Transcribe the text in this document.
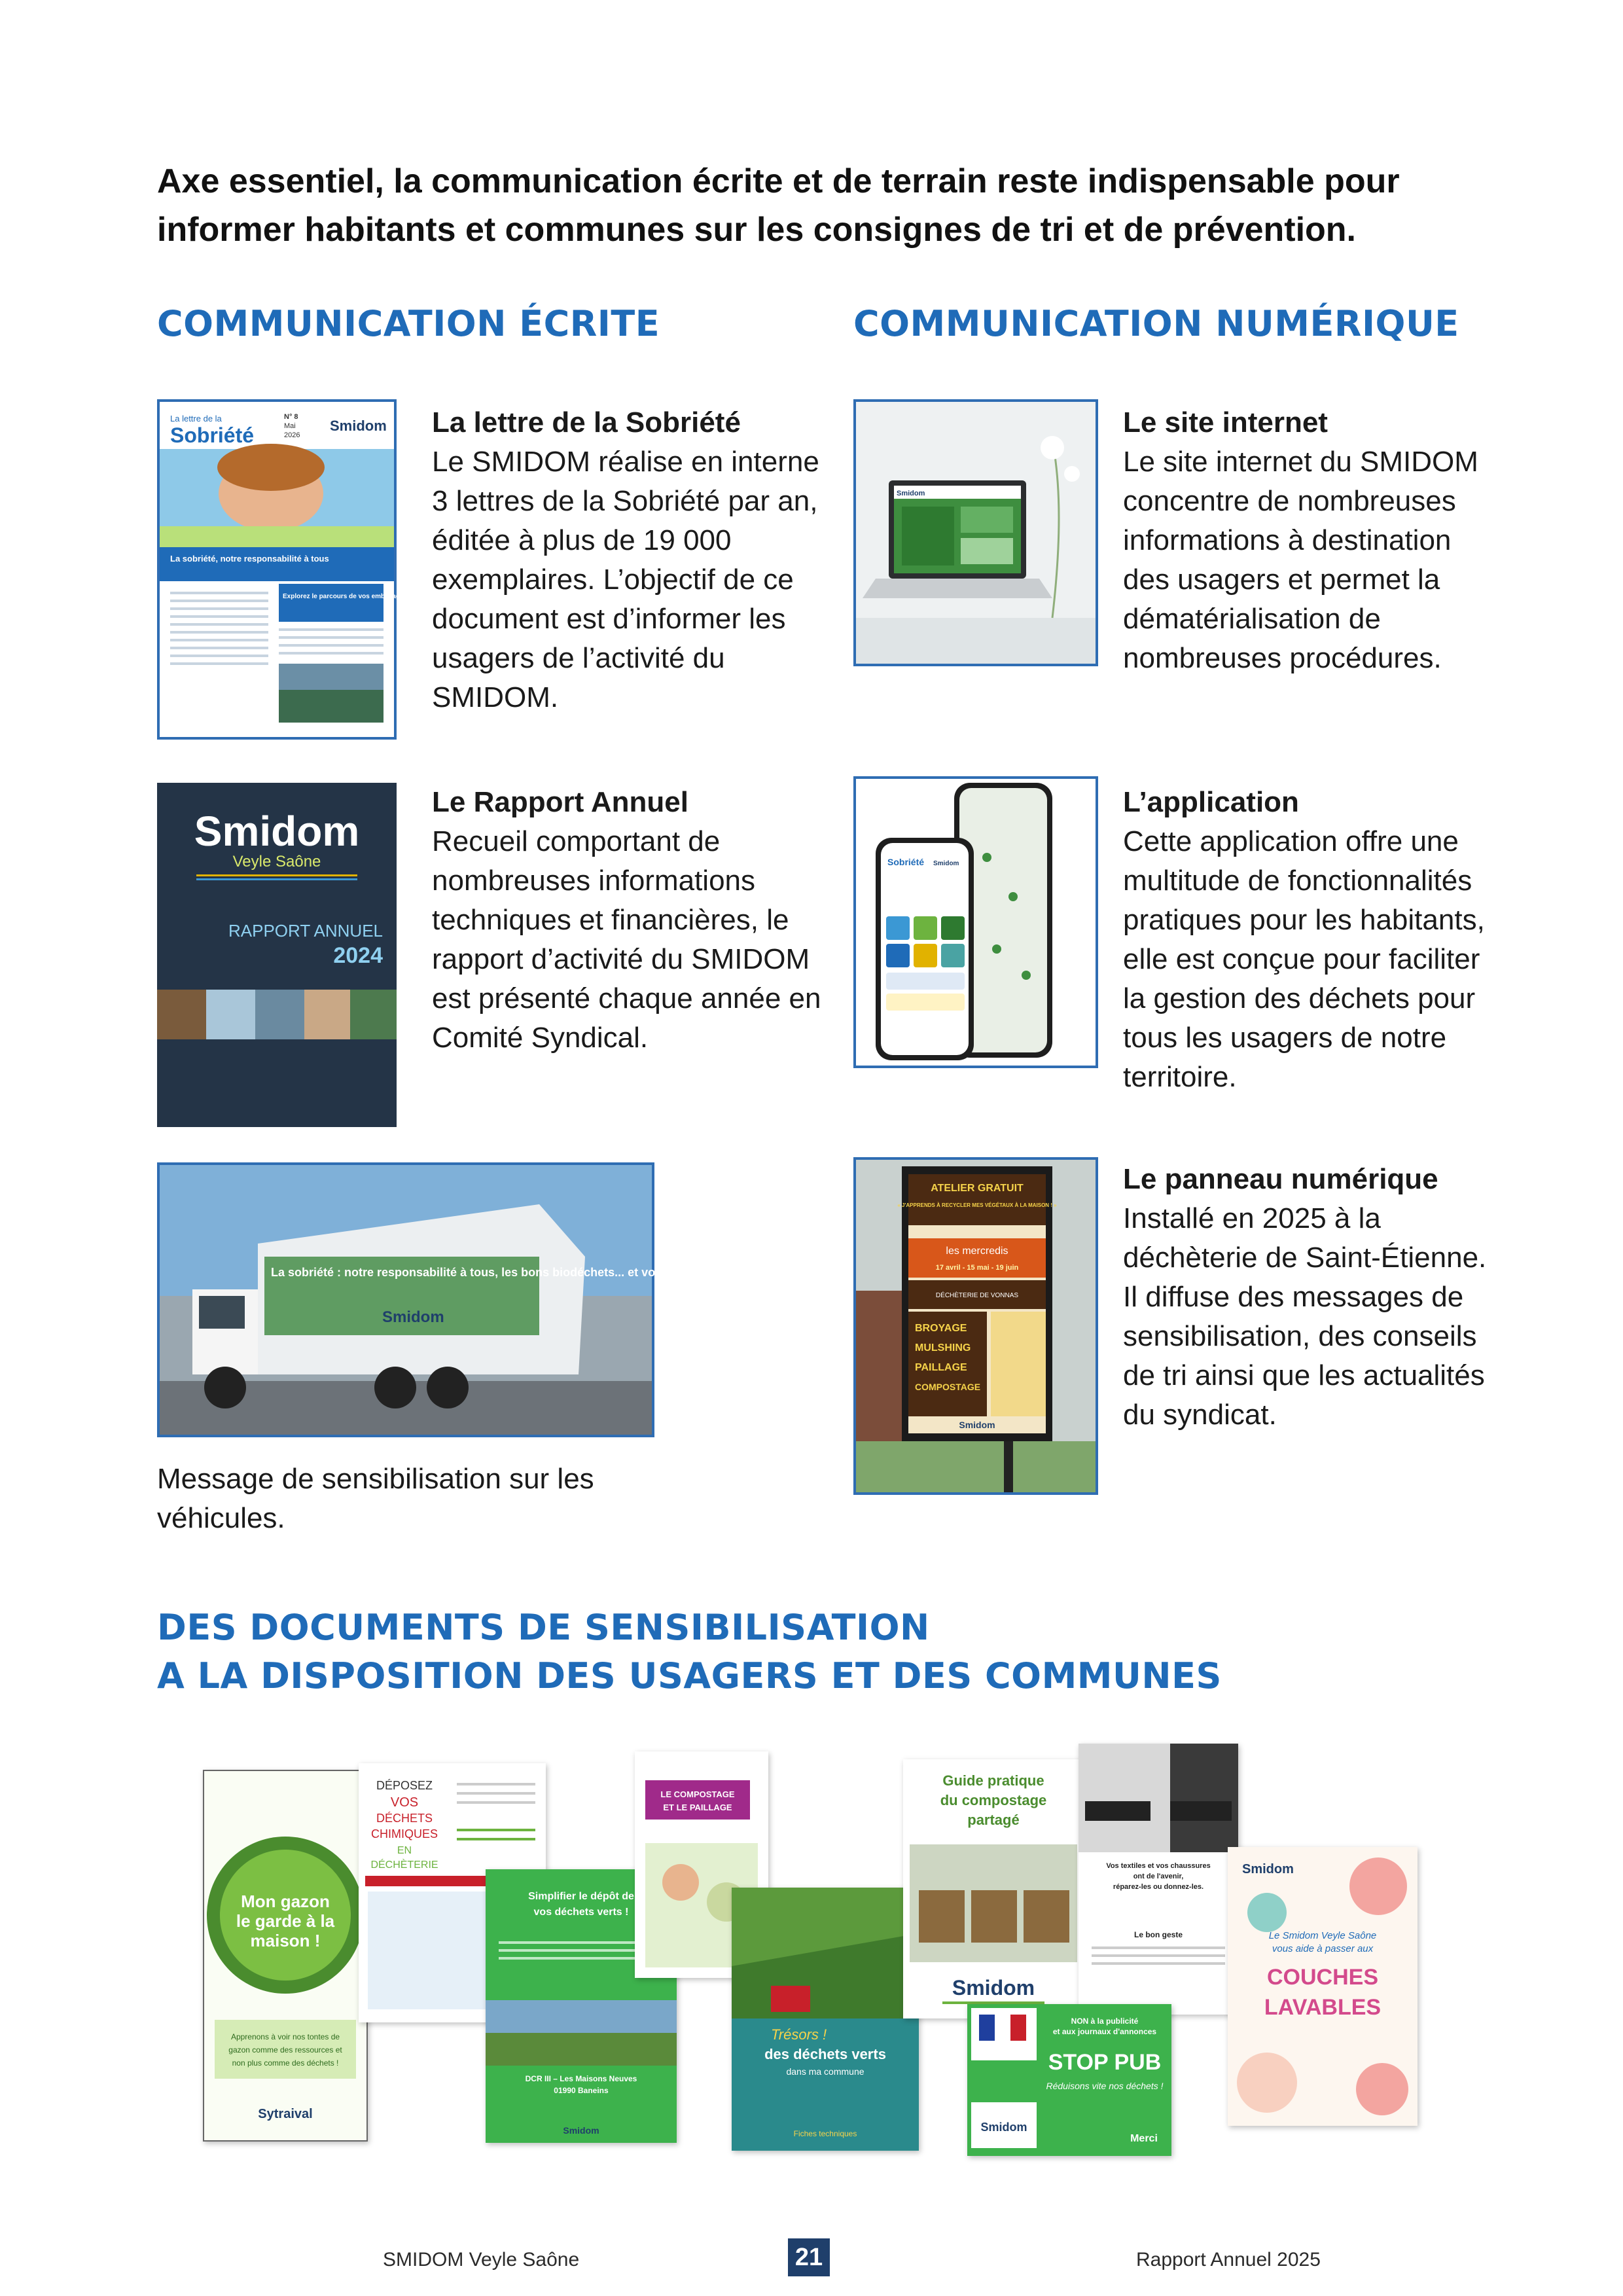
Axe essentiel, la communication écrite et de terrain reste indispensable pour informer habitants et communes sur les consignes de tri et de prévention.
COMMUNICATION ÉCRITE	COMMUNICATION NUMÉRIQUE
La lettre de la
Sobriété
N° 8
Mai
2026
Smidom
La sobriété, notre responsabilité à tous
Explorez le parcours de vos emballages : rejoignez la visite !
La lettre de la Sobriété
Le SMIDOM réalise en interne 3 lettres de la Sobriété par an, éditée à plus de 19 000 exemplaires. L’objectif de ce document est d’informer les usagers de l’activité du SMIDOM.
Smidom
Veyle Saône
RAPPORT ANNUEL
2024
Le Rapport Annuel
Recueil comportant de nombreuses informations techniques et financières, le rapport d’activité du SMIDOM est présenté chaque année en Comité Syndical.
La sobriété : notre responsabilité à tous, les bons biodéchets... et vous ?
Smidom
Message de sensibilisation sur les véhicules.
Smidom
Le site internet
Le site internet du SMIDOM concentre de nombreuses informations à destination des usagers et permet la dématérialisation de nombreuses procédures.
Sobriété Smidom
L’application
Cette application offre une multitude de fonctionnalités pratiques pour les habitants, elle est conçue pour faciliter la gestion des déchets pour tous les usagers de notre territoire.
ATELIER GRATUIT
« J'APPRENDS À RECYCLER MES VÉGÉTAUX À LA MAISON ! »
les mercredis
17 avril - 15 mai - 19 juin
DÉCHÈTERIE DE VONNAS
BROYAGE
MULSHING
PAILLAGE
COMPOSTAGE
Smidom
Le panneau numérique
Installé en 2025 à la déchèterie de Saint-Étienne. Il diffuse des messages de sensibilisation, des conseils de tri ainsi que les actualités du syndicat.
DES DOCUMENTS DE SENSIBILISATION
A LA DISPOSITION DES USAGERS ET DES COMMUNES
Mon gazon
le garde à la
maison !
Apprenons à voir nos tontes de
gazon comme des ressources et
non plus comme des déchets !
Sytraival
DÉPOSEZ
VOS
DÉCHETS
CHIMIQUES
EN
DÉCHÈTERIE
Simplifier le dépôt de
vos déchets verts !
DCR III – Les Maisons Neuves
01990 Baneins
Smidom
LE COMPOSTAGE
ET LE PAILLAGE
Trésors !
des déchets verts
dans ma commune
Fiches techniques
Guide pratique
du compostage
partagé
Smidom
Vos textiles et vos chaussures
ont de l'avenir,
réparez-les ou donnez-les.
Le bon geste
Smidom
Le Smidom Veyle Saône
vous aide à passer aux
COUCHES
LAVABLES
NON à la publicité
et aux journaux d'annonces
STOP PUB
Réduisons vite nos déchets !
Smidom
Merci
SMIDOM Veyle Saône	21	Rapport Annuel 2025
